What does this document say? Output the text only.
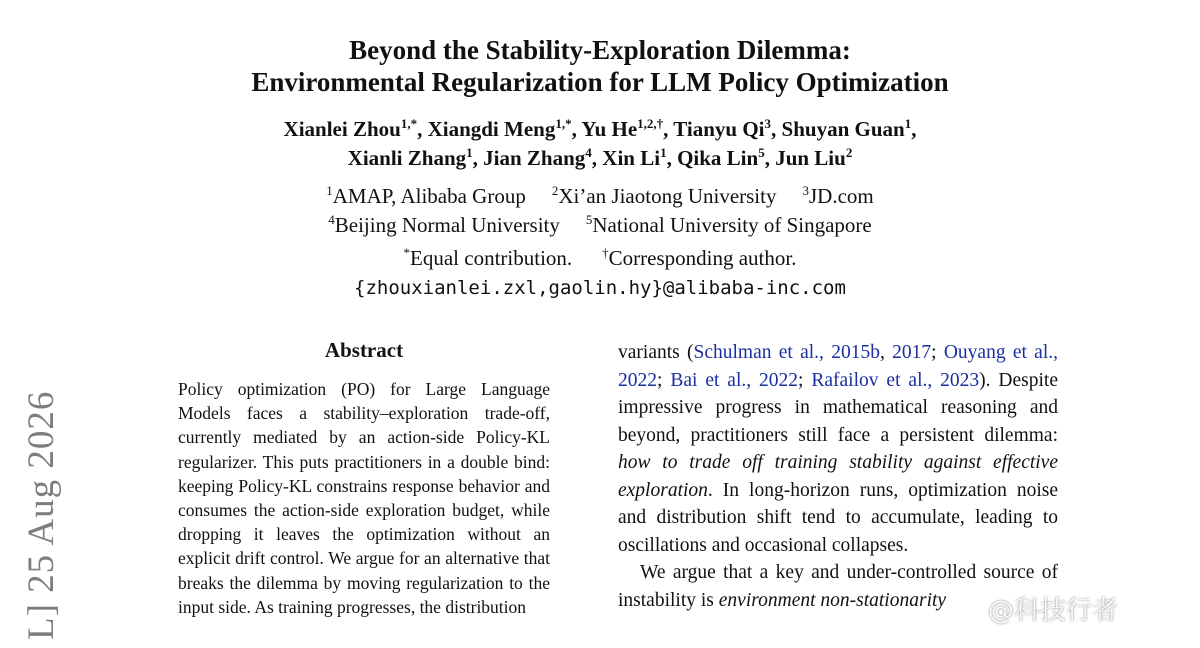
Beyond the Stability-Exploration Dilemma:
Environmental Regularization for LLM Policy Optimization
Xianlei Zhou$^{1,*}$, Xiangdi Meng$^{1,*}$, Yu $He^{1,2,\dagger}$, Tianyu Qi$^3$, Shuyan Guan$^1$,
Xianli Zhang$^1$, Jian Zhang$^4$, Xin Li$^1$, Qika Lin$^5$, Jun Liu$^2$
$^1$AMAP, Alibaba Group $^2$Xi’an Jiaotong University $^3$JD.com
$^4$Beijing Normal University $^5$National University of Singapore
*Equal contribution. †Corresponding author.
{zhouxianlei.zxl,gaolin.hy}@alibaba-inc.com
Abstract
Policy optimization (PO) for Large Language Models faces a stability–exploration trade-off, currently mediated by an action-side Policy-KL regularizer. This puts practitioners in a double bind: keeping Policy-KL constrains response behavior and consumes the action-side exploration budget, while dropping it leaves the optimization without an explicit drift control. We argue for an alternative that breaks the dilemma by moving regularization to the input side. As training progresses, the distribution

variants (Schulman et al., 2015b, 2017; Ouyang et al., 2022; Bai et al., 2022; Rafailov et al., 2023). Despite impressive progress in mathematical reasoning and beyond, practitioners still face a persistent dilemma: how to trade off training stability against effective exploration. In long-horizon runs, optimization noise and distribution shift tend to accumulate, leading to oscillations and occasional collapses.

We argue that a key and under-controlled source of instability is environment non-stationarity

L] 25 Aug 2026	@科技行者
